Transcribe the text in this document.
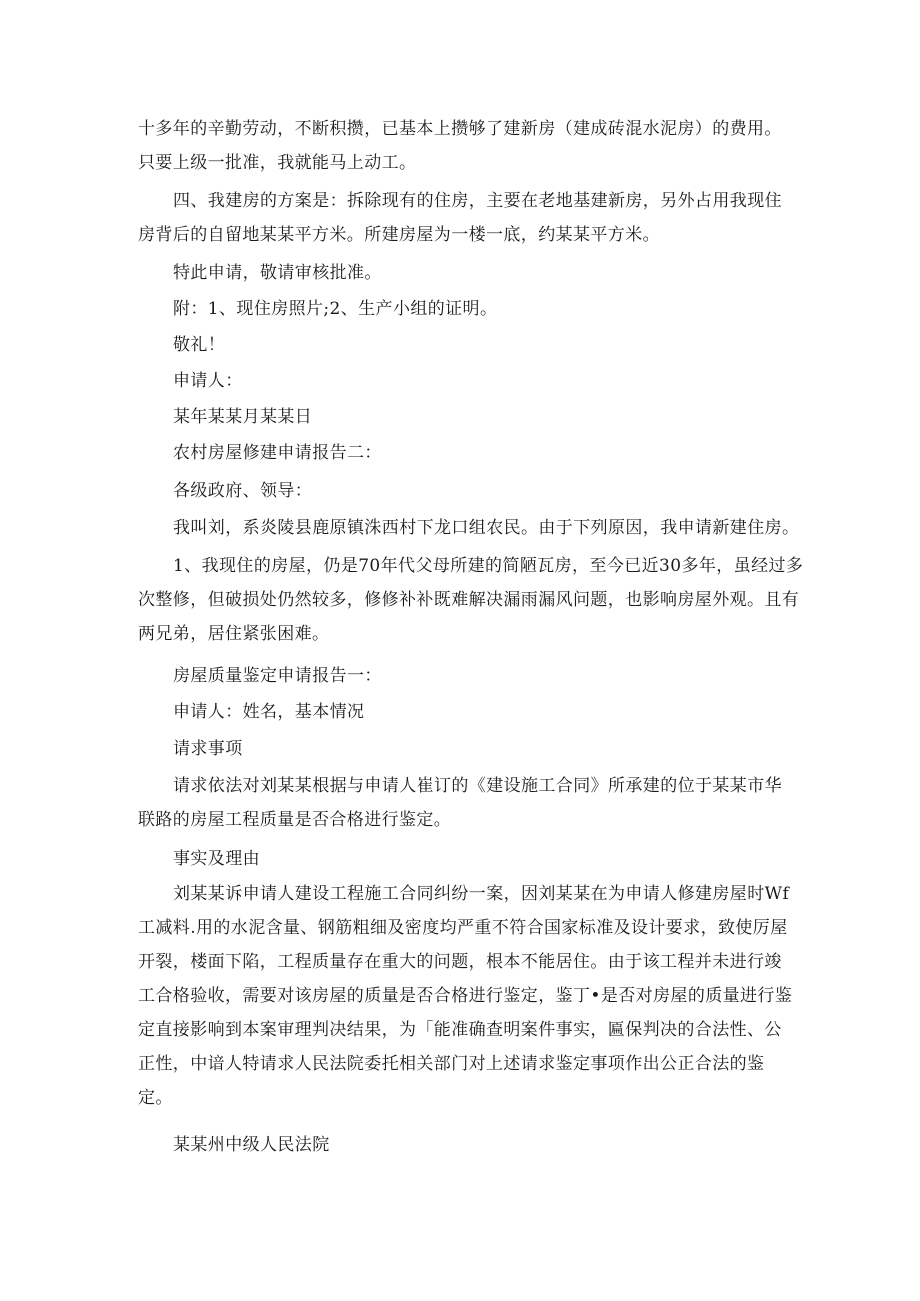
十多年的辛勤劳动，不断积攒，已基本上攒够了建新房（建成砖混水泥房）的费用。
只要上级一批准，我就能马上动工。
四、我建房的方案是：拆除现有的住房，主要在老地基建新房，另外占用我现住
房背后的自留地某某平方米。所建房屋为一楼一底，约某某平方米。
特此申请，敬请审核批准。
附：1、现住房照片;2、生产小组的证明。
敬礼！
申请人：
某年某某月某某日
农村房屋修建申请报告二：
各级政府、领导：
我叫刘，系炎陵县鹿原镇洙西村下龙口组农民。由于下列原因，我申请新建住房。
1、我现住的房屋，仍是70年代父母所建的简陋瓦房，至今已近30多年，虽经过多
次整修，但破损处仍然较多，修修补补既难解决漏雨漏风问题，也影响房屋外观。且有
两兄弟，居住紧张困难。
房屋质量鉴定申请报告一：
申请人：姓名，基本情况
请求事项
请求依法对刘某某根据与申请人崔订的《建设施工合同》所承建的位于某某市华
联路的房屋工程质量是否合格进行鉴定。
事实及理由
刘某某诉申请人建设工程施工合同纠纷一案，因刘某某在为申请人修建房屋时Wf
工减料.用的水泥含量、钢筋粗细及密度均严重不符合国家标准及设计要求，致使厉屋
开裂，楼面下陷，工程质量存在重大的问题，根本不能居住。由于该工程并未进行竣
工合格验收，需要对该房屋的质量是否合格进行鉴定，鉴丁•是否对房屋的质量进行鉴
定直接影响到本案审理判决结果，为「能准确查明案件事实，匾保判决的合法性、公
正性，中谙人特请求人民法院委托相关部门对上述请求鉴定事项作出公正合法的鉴
定。
某某州中级人民法院
